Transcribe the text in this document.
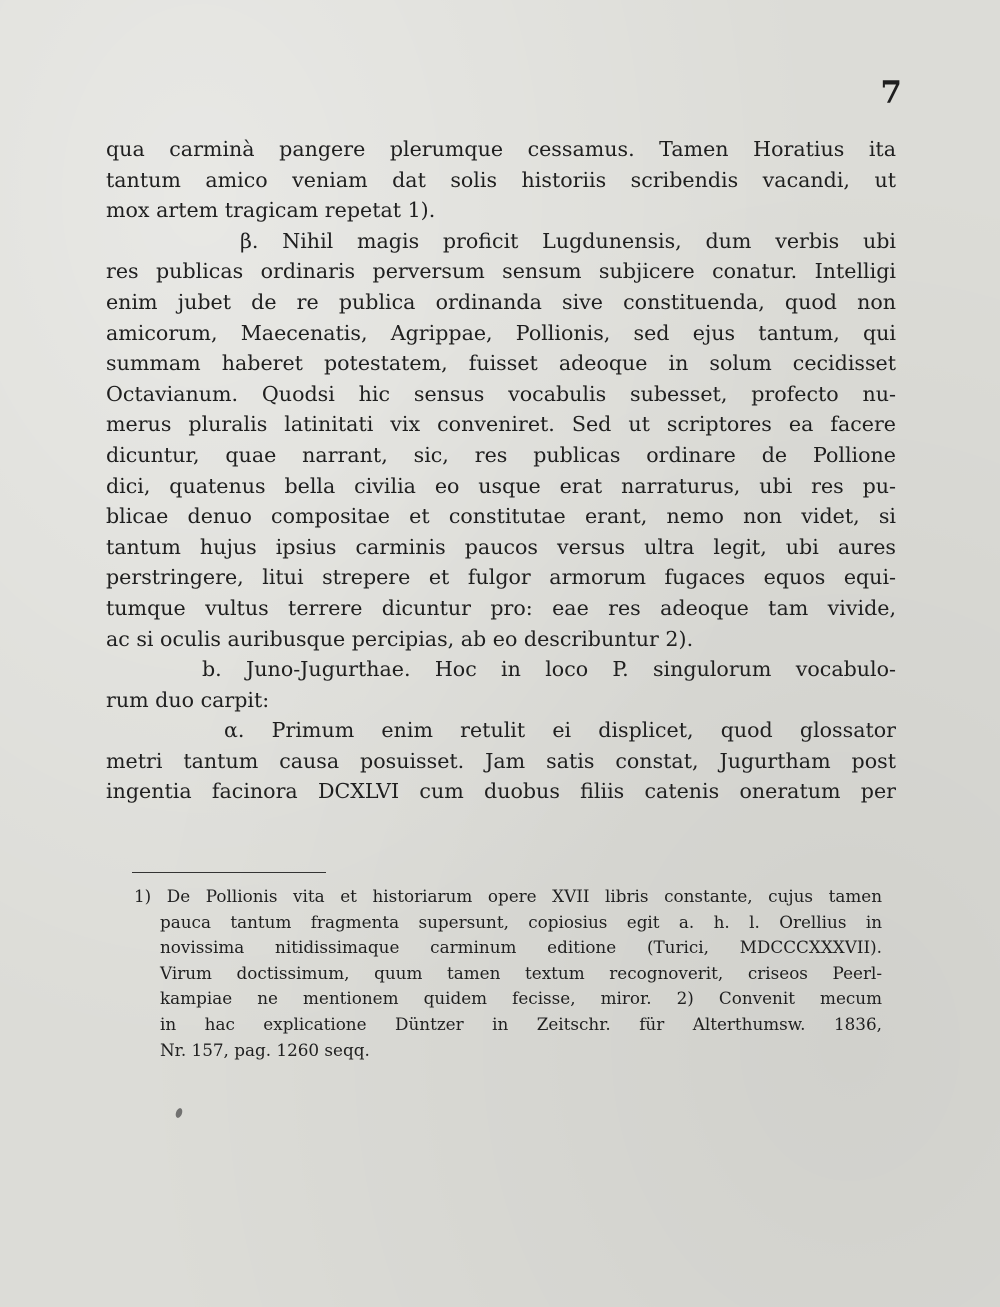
7
qua carminà pangere plerumque cessamus. Tamen Horatius ita
tantum amico veniam dat solis historiis scribendis vacandi, ut
mox artem tragicam repetat 1).
β. Nihil magis proficit Lugdunensis, dum verbis ubi
res publicas ordinaris perversum sensum subjicere conatur. Intelligi
enim jubet de re publica ordinanda sive constituenda, quod non
amicorum, Maecenatis, Agrippae, Pollionis, sed ejus tantum, qui
summam haberet potestatem, fuisset adeoque in solum cecidisset
Octavianum. Quodsi hic sensus vocabulis subesset, profecto nu-
merus pluralis latinitati vix conveniret. Sed ut scriptores ea facere
dicuntur, quae narrant, sic, res publicas ordinare de Pollione
dici, quatenus bella civilia eo usque erat narraturus, ubi res pu-
blicae denuo compositae et constitutae erant, nemo non videt, si
tantum hujus ipsius carminis paucos versus ultra legit, ubi aures
perstringere, litui strepere et fulgor armorum fugaces equos equi-
tumque vultus terrere dicuntur pro: eae res adeoque tam vivide,
ac si oculis auribusque percipias, ab eo describuntur 2).
b. Juno-Jugurthae. Hoc in loco P. singulorum vocabulo-
rum duo carpit:
α. Primum enim retulit ei displicet, quod glossator
metri tantum causa posuisset. Jam satis constat, Jugurtham post
ingentia facinora DCXLVI cum duobus filiis catenis oneratum per
1) De Pollionis vita et historiarum opere XVII libris constante, cujus tamen
pauca tantum fragmenta supersunt, copiosius egit a. h. l. Orellius in
novissima nitidissimaque carminum editione (Turici, MDCCCXXXVII).
Virum doctissimum, quum tamen textum recognoverit, criseos Peerl-
kampiae ne mentionem quidem fecisse, miror. 2) Convenit mecum
in hac explicatione Düntzer in Zeitschr. für Alterthumsw. 1836,
Nr. 157, pag. 1260 seqq.
